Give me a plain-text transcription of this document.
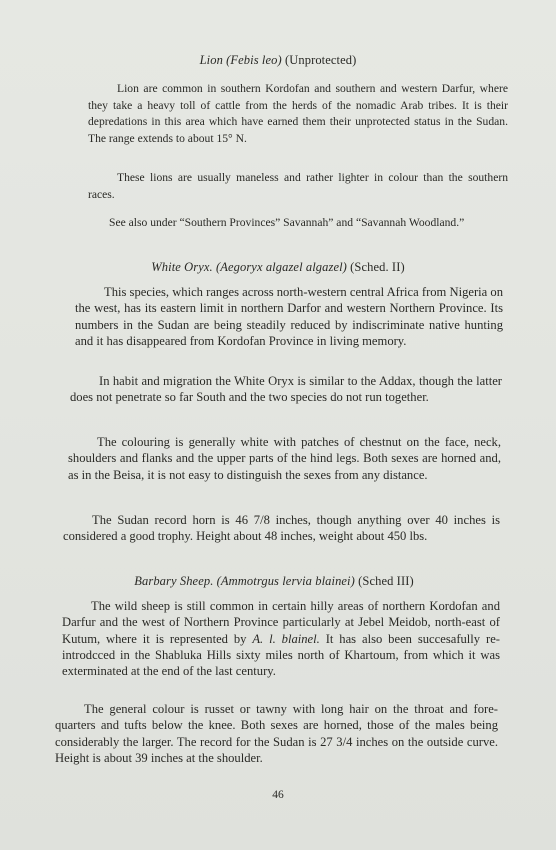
Lion (Febis leo) (Unprotected)

Lion are common in southern Kordofan and southern and western Darfur, where they take a heavy toll of cattle from the herds of the nomadic Arab tribes. It is their depredations in this area which have earned them their unprotected status in the Sudan. The range extends to about 15° N.

These lions are usually maneless and rather lighter in colour than the southern races.

See also under “Southern Provinces” Savannah” and “Savannah Woodland.”

White Oryx. (Aegoryx algazel algazel) (Sched. II)

This species, which ranges across north-western central Africa from Nigeria on the west, has its eastern limit in northern Darfor and western Northern Province. Its numbers in the Sudan are being steadily reduced by indiscriminate native hunting and it has disappeared from Kordofan Province in living memory.

In habit and migration the White Oryx is similar to the Addax, though the latter does not penetrate so far South and the two species do not run together.

The colouring is generally white with patches of chestnut on the face, neck, shoulders and flanks and the upper parts of the hind legs. Both sexes are horned and, as in the Beisa, it is not easy to distinguish the sexes from any distance.

The Sudan record horn is 46 7/8 inches, though anything over 40 inches is considered a good trophy. Height about 48 inches, weight about 450 lbs.

Barbary Sheep. (Ammotrgus lervia blainei) (Sched III)

The wild sheep is still common in certain hilly areas of northern Kordofan and Darfur and the west of Northern Province particularly at Jebel Meidob, north-east of Kutum, where it is represented by A. l. blainel. It has also been succesafully re-introdcced in the Shabluka Hills sixty miles north of Khartoum, from which it was exterminated at the end of the last century.

The general colour is russet or tawny with long hair on the throat and fore-quarters and tufts below the knee. Both sexes are horned, those of the males being considerably the larger. The record for the Sudan is 27 3/4 inches on the outside curve. Height is about 39 inches at the shoulder.

46
